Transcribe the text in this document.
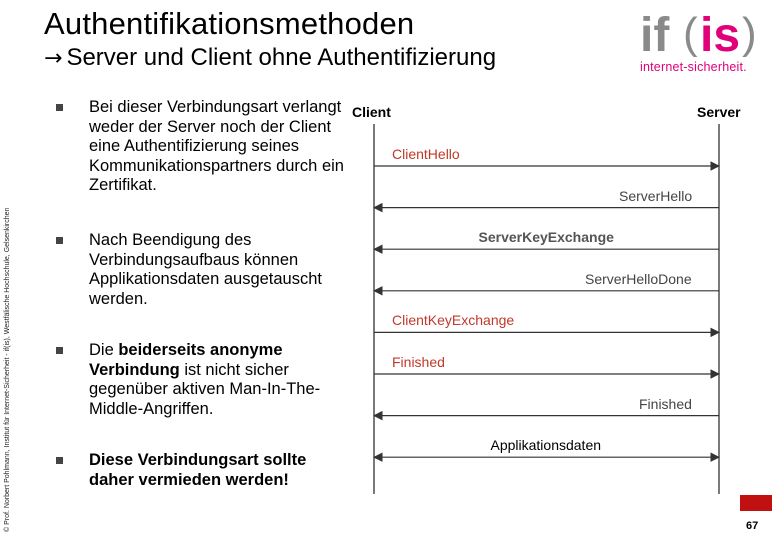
Authentifikationsmethoden
→ Server und Client ohne Authentifizierung
© Prof. Norbert Pohlmann, Institut für Internet-Sicherheit - if(is), Westfälische Hochschule, Gelsenkirchen
if ( is )
internet-sicherheit.
Bei dieser Verbindungsart verlangt weder der Server noch der Client eine Authentifizierung seines Kommunikationspartners durch ein Zertifikat.
Nach Beendigung des Verbindungsaufbaus können Applikationsdaten ausgetauscht werden.
Die beiderseits anonyme Verbindung ist nicht sicher gegenüber aktiven Man-In-The-Middle-Angriffen.
Diese Verbindungsart sollte daher vermieden werden!
Client	Server
ClientHello
ServerHello
ServerKeyExchange
ServerHelloDone
ClientKeyExchange
Finished
Finished
Applikationsdaten
67
